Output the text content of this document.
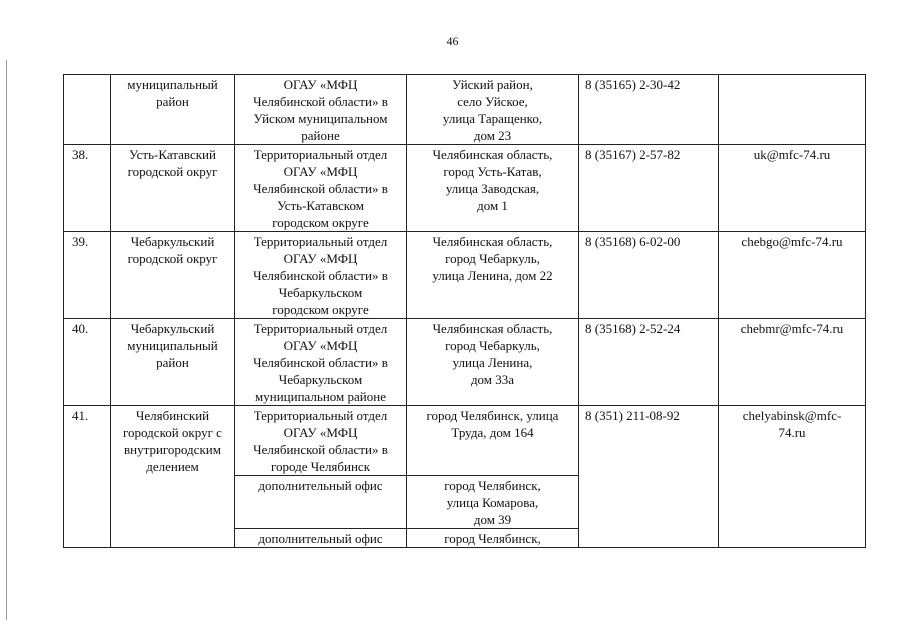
46
	муниципальный
район	ОГАУ «МФЦ
Челябинской области» в
Уйском муниципальном
районе	Уйский район,
село Уйское,
улица Таращенко,
дом 23	8 (35165) 2-30-42	
38.	Усть-Катавский
городской округ	Территориальный отдел
ОГАУ «МФЦ
Челябинской области» в
Усть-Катавском
городском округе	Челябинская область,
город Усть-Катав,
улица Заводская,
дом 1	8 (35167) 2-57-82	uk@mfc-74.ru
39.	Чебаркульский
городской округ	Территориальный отдел
ОГАУ «МФЦ
Челябинской области» в
Чебаркульском
городском округе	Челябинская область,
город Чебаркуль,
улица Ленина, дом 22	8 (35168) 6-02-00	chebgo@mfc-74.ru
40.	Чебаркульский
муниципальный
район	Территориальный отдел
ОГАУ «МФЦ
Челябинской области» в
Чебаркульском
муниципальном районе	Челябинская область,
город Чебаркуль,
улица Ленина,
дом 33а	8 (35168) 2-52-24	chebmr@mfc-74.ru
41.	Челябинский
городской округ с
внутригородским
делением	Территориальный отдел
ОГАУ «МФЦ
Челябинской области» в
городе Челябинск	город Челябинск, улица
Труда, дом 164	8 (351) 211-08-92	chelyabinsk@mfc-
74.ru
		дополнительный офис	город Челябинск,
улица Комарова,
дом 39		
		дополнительный офис	город Челябинск,		
